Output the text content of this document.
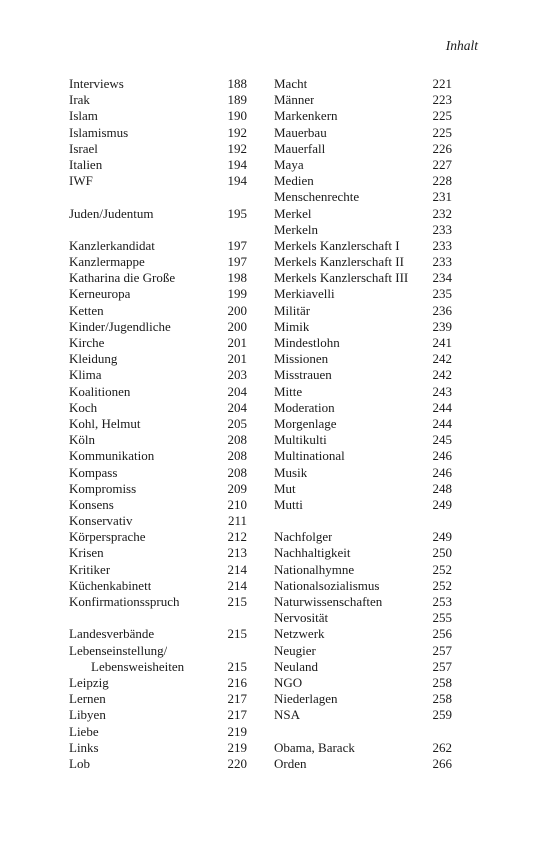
Inhalt
Interviews	188
Irak	189
Islam	190
Islamismus	192
Israel	192
Italien	194
IWF	194
Juden/Judentum	195
Kanzlerkandidat	197
Kanzlermappe	197
Katharina die Große	198
Kerneuropa	199
Ketten	200
Kinder/Jugendliche	200
Kirche	201
Kleidung	201
Klima	203
Koalitionen	204
Koch	204
Kohl, Helmut	205
Köln	208
Kommunikation	208
Kompass	208
Kompromiss	209
Konsens	210
Konservativ	211
Körpersprache	212
Krisen	213
Kritiker	214
Küchenkabinett	214
Konfirmationsspruch	215
Landesverbände	215
Lebenseinstellung/
Lebensweisheiten	215
Leipzig	216
Lernen	217
Libyen	217
Liebe	219
Links	219
Lob	220
Macht	221
Männer	223
Markenkern	225
Mauerbau	225
Mauerfall	226
Maya	227
Medien	228
Menschenrechte	231
Merkel	232
Merkeln	233
Merkels Kanzlerschaft I	233
Merkels Kanzlerschaft II	233
Merkels Kanzlerschaft III	234
Merkiavelli	235
Militär	236
Mimik	239
Mindestlohn	241
Missionen	242
Misstrauen	242
Mitte	243
Moderation	244
Morgenlage	244
Multikulti	245
Multinational	246
Musik	246
Mut	248
Mutti	249
Nachfolger	249
Nachhaltigkeit	250
Nationalhymne	252
Nationalsozialismus	252
Naturwissenschaften	253
Nervosität	255
Netzwerk	256
Neugier	257
Neuland	257
NGO	258
Niederlagen	258
NSA	259
Obama, Barack	262
Orden	266
